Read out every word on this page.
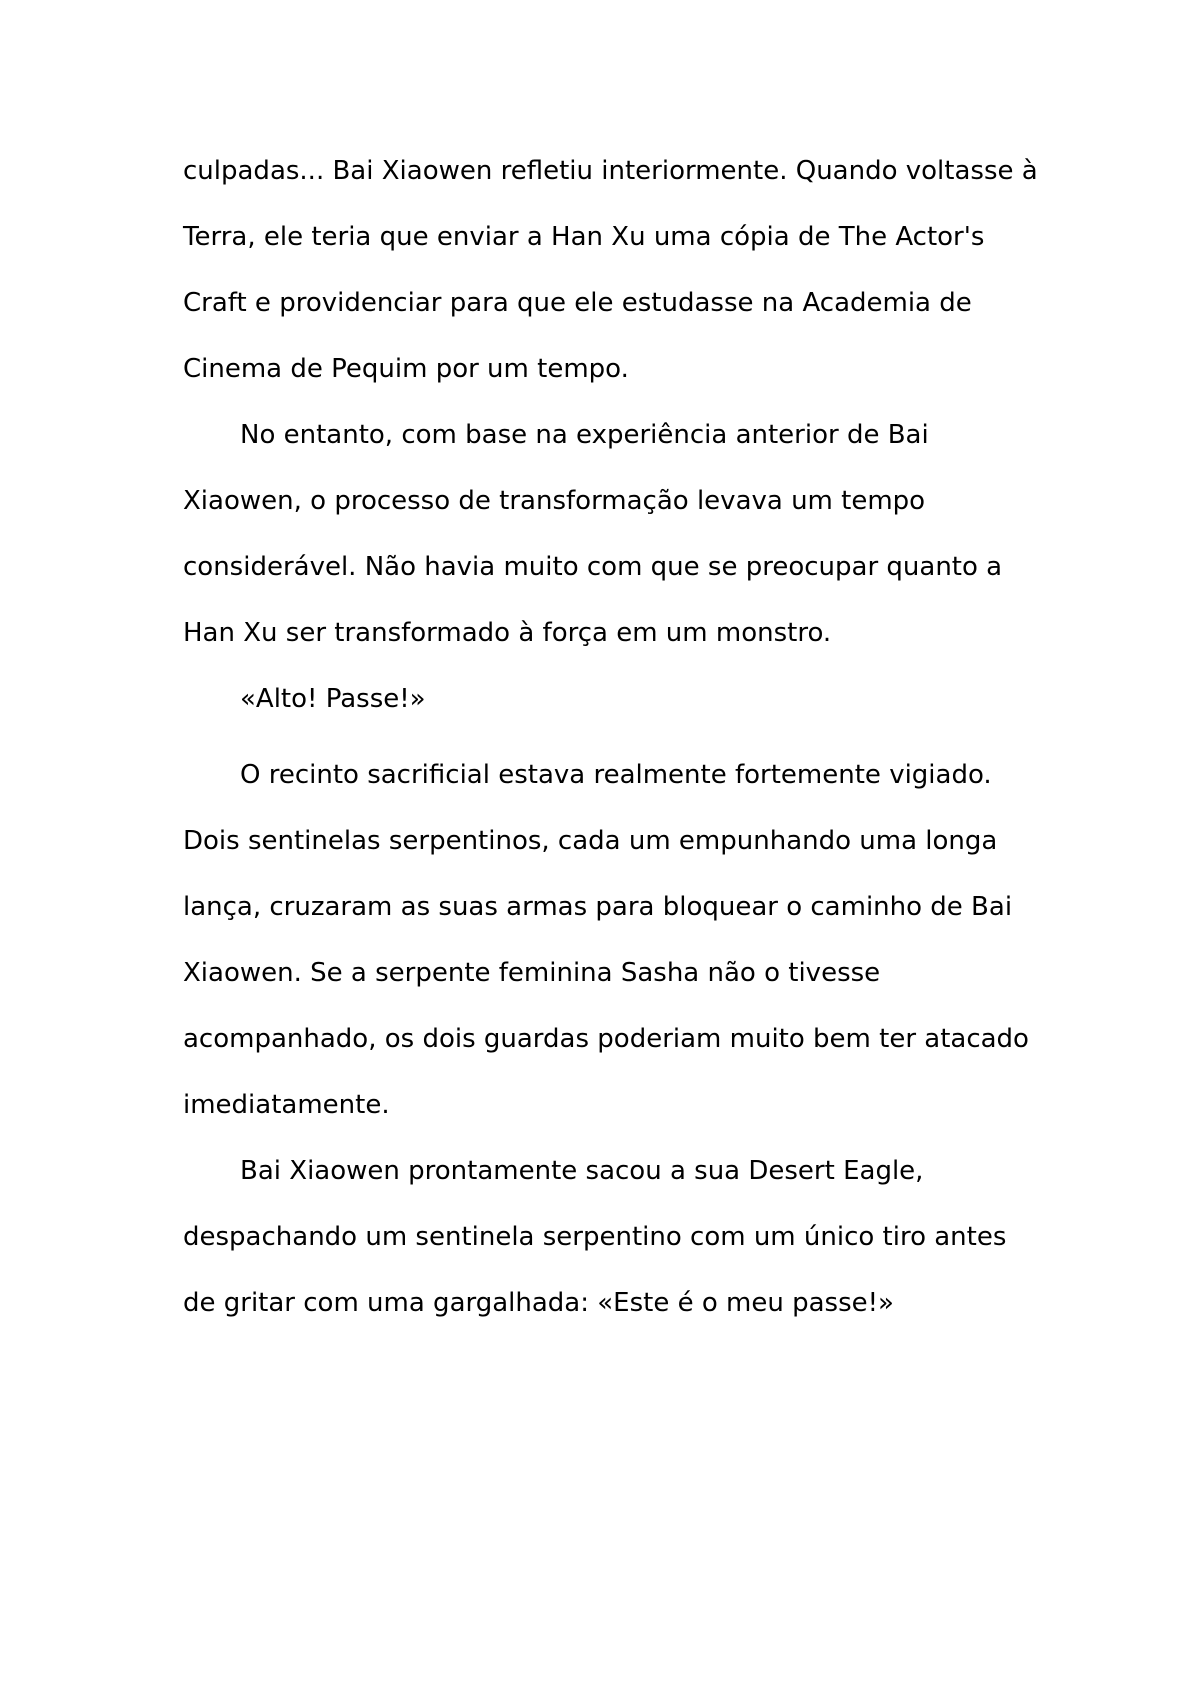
culpadas... Bai Xiaowen refletiu interiormente. Quando voltasse à Terra, ele teria que enviar a Han Xu uma cópia de The Actor's Craft e providenciar para que ele estudasse na Academia de Cinema de Pequim por um tempo.

No entanto, com base na experiência anterior de Bai Xiaowen, o processo de transformação levava um tempo considerável. Não havia muito com que se preocupar quanto a Han Xu ser transformado à força em um monstro.

«Alto! Passe!»

O recinto sacrificial estava realmente fortemente vigiado. Dois sentinelas serpentinos, cada um empunhando uma longa lança, cruzaram as suas armas para bloquear o caminho de Bai Xiaowen. Se a serpente feminina Sasha não o tivesse acompanhado, os dois guardas poderiam muito bem ter atacado imediatamente.

Bai Xiaowen prontamente sacou a sua Desert Eagle, despachando um sentinela serpentino com um único tiro antes de gritar com uma gargalhada: «Este é o meu passe!»
